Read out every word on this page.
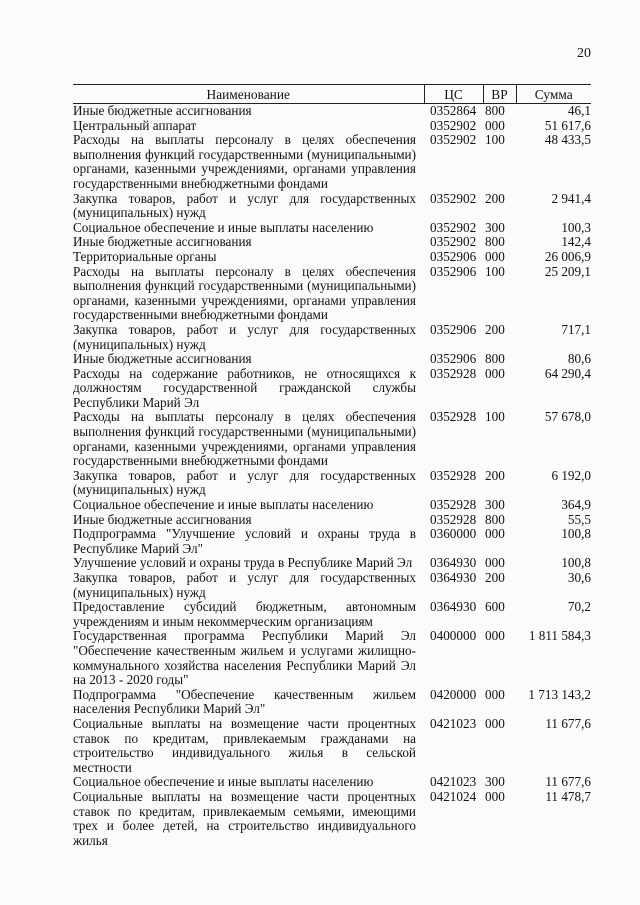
20
Наименование	ЦС	ВР	Сумма
Иные бюджетные ассигнования	0352864	800	46,1
Центральный аппарат	0352902	000	51 617,6
Расходы на выплаты персоналу в целях обеспечения выполнения функций государственными (муниципальными) органами, казенными учреждениями, органами управления государственными внебюджетными фондами	0352902	100	48 433,5
Закупка товаров, работ и услуг для государственных (муниципальных) нужд	0352902	200	2 941,4
Социальное обеспечение и иные выплаты населению	0352902	300	100,3
Иные бюджетные ассигнования	0352902	800	142,4
Территориальные органы	0352906	000	26 006,9
Расходы на выплаты персоналу в целях обеспечения выполнения функций государственными (муниципальными) органами, казенными учреждениями, органами управления государственными внебюджетными фондами	0352906	100	25 209,1
Закупка товаров, работ и услуг для государственных (муниципальных) нужд	0352906	200	717,1
Иные бюджетные ассигнования	0352906	800	80,6
Расходы на содержание работников, не относящихся к должностям государственной гражданской службы Республики Марий Эл	0352928	000	64 290,4
Расходы на выплаты персоналу в целях обеспечения выполнения функций государственными (муниципальными) органами, казенными учреждениями, органами управления государственными внебюджетными фондами	0352928	100	57 678,0
Закупка товаров, работ и услуг для государственных (муниципальных) нужд	0352928	200	6 192,0
Социальное обеспечение и иные выплаты населению	0352928	300	364,9
Иные бюджетные ассигнования	0352928	800	55,5
Подпрограмма "Улучшение условий и охраны труда в Республике Марий Эл"	0360000	000	100,8
Улучшение условий и охраны труда в Республике Марий Эл	0364930	000	100,8
Закупка товаров, работ и услуг для государственных (муниципальных) нужд	0364930	200	30,6
Предоставление субсидий бюджетным, автономным учреждениям и иным некоммерческим организациям	0364930	600	70,2
Государственная программа Республики Марий Эл "Обеспечение качественным жильем и услугами жилищно-коммунального хозяйства населения Республики Марий Эл на 2013 - 2020 годы"	0400000	000	1 811 584,3
Подпрограмма "Обеспечение качественным жильем населения Республики Марий Эл"	0420000	000	1 713 143,2
Социальные выплаты на возмещение части процентных ставок по кредитам, привлекаемым гражданами на строительство индивидуального жилья в сельской местности	0421023	000	11 677,6
Социальное обеспечение и иные выплаты населению	0421023	300	11 677,6
Социальные выплаты на возмещение части процентных ставок по кредитам, привлекаемым семьями, имеющими трех и более детей, на строительство индивидуального жилья	0421024	000	11 478,7
